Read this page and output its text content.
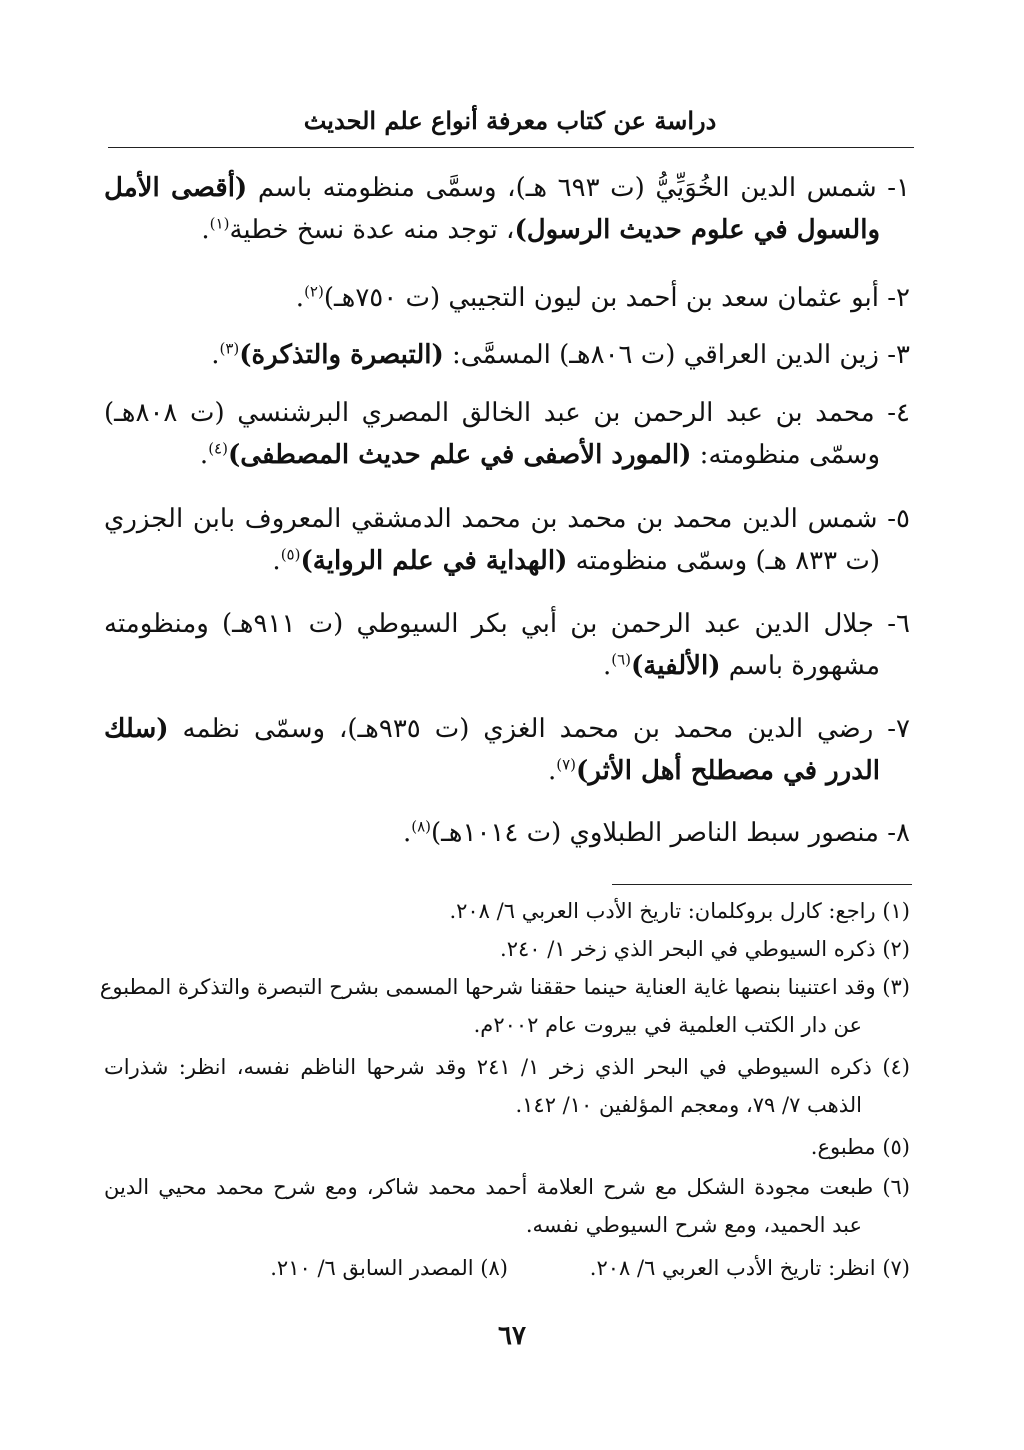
دراسة عن كتاب معرفة أنواع علم الحديث
١- شمس الدين الخُوَيِّيُّ (ت ٦٩٣ هـ)، وسمَّى منظومته باسم (أقصى الأمل
والسول في علوم حديث الرسول)، توجد منه عدة نسخ خطية$^{(١)}$.
٢- أبو عثمان سعد بن أحمد بن ليون التجيبي (ت ٧٥٠هـ)$^{(٢)}$.
٣- زين الدين العراقي (ت ٨٠٦هـ) المسمَّى: (التبصرة والتذكرة)$^{(٣)}$.
٤- محمد بن عبد الرحمن بن عبد الخالق المصري البرشنسي (ت ٨٠٨هـ)
وسمّى منظومته: (المورد الأصفى في علم حديث المصطفى)$^{(٤)}$.
٥- شمس الدين محمد بن محمد بن محمد الدمشقي المعروف بابن الجزري
(ت ٨٣٣ هـ) وسمّى منظومته (الهداية في علم الرواية)$^{(٥)}$.
٦- جلال الدين عبد الرحمن بن أبي بكر السيوطي (ت ٩١١هـ) ومنظومته
مشهورة باسم (الألفية)$^{(٦)}$.
٧- رضي الدين محمد بن محمد الغزي (ت ٩٣٥هـ)، وسمّى نظمه (سلك
الدرر في مصطلح أهل الأثر)$^{(٧)}$.
٨- منصور سبط الناصر الطبلاوي (ت ١٠١٤هـ)$^{(٨)}$.
(١) راجع: كارل بروكلمان: تاريخ الأدب العربي ٦/ ٢٠٨.
(٢) ذكره السيوطي في البحر الذي زخر ١/ ٢٤٠.
(٣) وقد اعتنينا بنصها غاية العناية حينما حققنا شرحها المسمى بشرح التبصرة والتذكرة المطبوع
عن دار الكتب العلمية في بيروت عام ٢٠٠٢م.
(٤) ذكره السيوطي في البحر الذي زخر ١/ ٢٤١ وقد شرحها الناظم نفسه، انظر: شذرات
الذهب ٧/ ٧٩، ومعجم المؤلفين ١٠/ ١٤٢.
(٥) مطبوع.
(٦) طبعت مجودة الشكل مع شرح العلامة أحمد محمد شاكر، ومع شرح محمد محيي الدين
عبد الحميد، ومع شرح السيوطي نفسه.
(٧) انظر: تاريخ الأدب العربي ٦/ ٢٠٨.
(٨) المصدر السابق ٦/ ٢١٠.
٦٧
